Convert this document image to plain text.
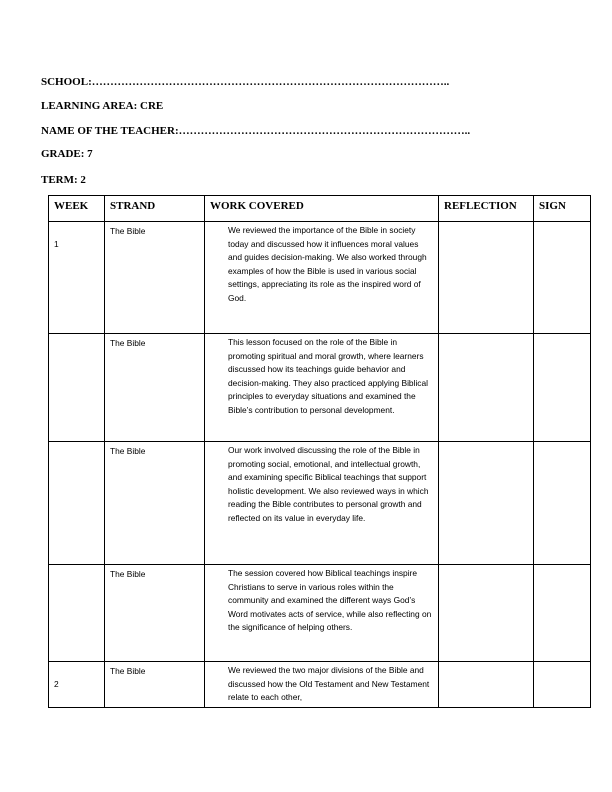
SCHOOL:……………………………………………………………………………………..
LEARNING AREA: CRE
NAME OF THE TEACHER:……………………………………………………………………..
GRADE: 7
TERM: 2
WEEK	STRAND	WORK COVERED	REFLECTION	SIGN
1	The Bible	We reviewed the importance of the Bible in society today and discussed how it influences moral values and guides decision-making. We also worked through examples of how the Bible is used in various social settings, appreciating its role as the inspired word of God.		
	The Bible	This lesson focused on the role of the Bible in promoting spiritual and moral growth, where learners discussed how its teachings guide behavior and decision-making. They also practiced applying Biblical principles to everyday situations and examined the Bible’s contribution to personal development.		
	The Bible	Our work involved discussing the role of the Bible in promoting social, emotional, and intellectual growth, and examining specific Biblical teachings that support holistic development. We also reviewed ways in which reading the Bible contributes to personal growth and reflected on its value in everyday life.		
	The Bible	The session covered how Biblical teachings inspire Christians to serve in various roles within the community and examined the different ways God’s Word motivates acts of service, while also reflecting on the significance of helping others.		
2	The Bible	We reviewed the two major divisions of the Bible and discussed how the Old Testament and New Testament relate to each other,		
